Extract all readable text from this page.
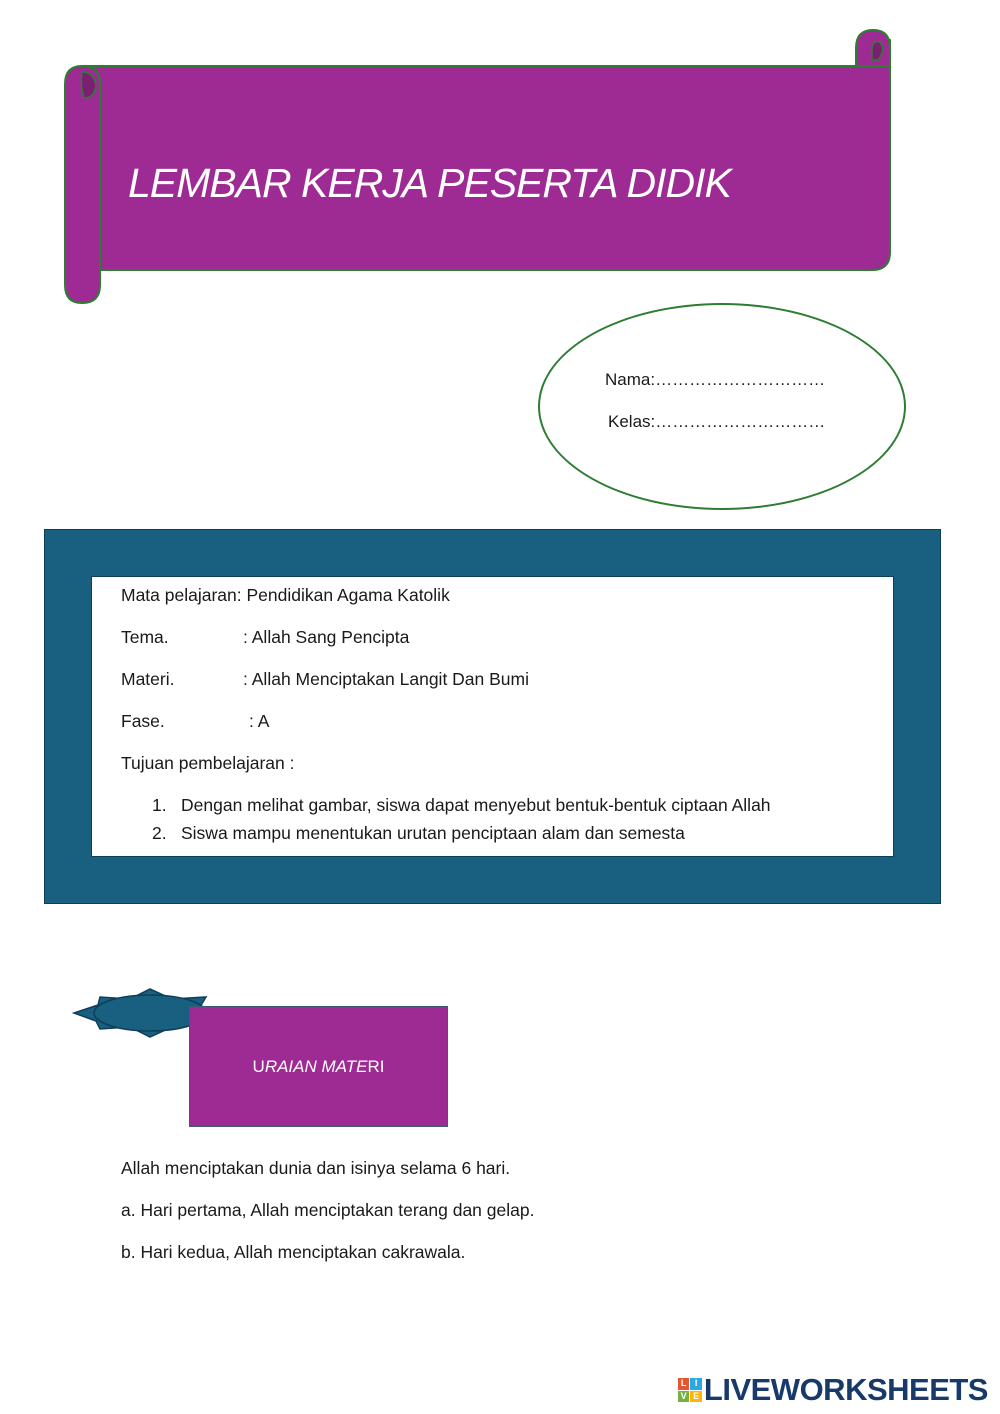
LEMBAR KERJA PESERTA DIDIK
Nama:…………………………
Kelas:…………………………
Mata pelajaran: Pendidikan Agama Katolik
Tema.	: Allah Sang Pencipta
Materi.	: Allah Menciptakan Langit Dan Bumi
Fase.	: A
Tujuan pembelajaran :
1. Dengan melihat gambar, siswa dapat menyebut bentuk-bentuk ciptaan Allah
2. Siswa mampu menentukan urutan penciptaan alam dan semesta
URAIAN MATERI
Allah menciptakan dunia dan isinya selama 6 hari.
a. Hari pertama, Allah menciptakan terang dan gelap.
b. Hari kedua, Allah menciptakan cakrawala.
L I
V E LIVEWORKSHEETS
